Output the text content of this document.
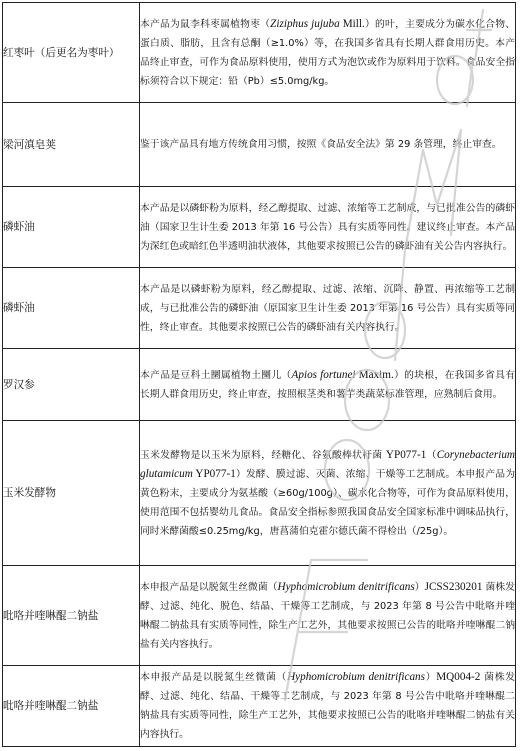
红枣叶（后更名为枣叶）	本产品为鼠李科枣属植物枣（Ziziphus jujuba Mill.）的叶，主要成分为碳水化合物、蛋白质、脂肪，且含有总酮（≥1.0%）等，在我国多省具有长期人群食用历史。本产品终止审查，可作为食品原料使用，使用方式为泡饮或作为原料用于饮料。食品安全指标须符合以下规定：铅（Pb）≤5.0mg/kg。
梁河滇皂荚	鉴于该产品具有地方传统食用习惯，按照《食品安全法》第 29 条管理，终止审查。
磷虾油	本产品是以磷虾粉为原料，经乙醇提取、过滤、浓缩等工艺制成，与已批准公告的磷虾油（国家卫生计生委 2013 年第 16 号公告）具有实质等同性。建议终止审查。本产品为深红色或暗红色半透明油状液体，其他要求按照已公告的磷虾油有关公告内容执行。
磷虾油	本产品是以磷虾粉为原料，经乙醇提取、过滤、浓缩、沉降、静置、再浓缩等工艺制成，与已批准公告的磷虾油（原国家卫生计生委 2013 年第 16 号公告）具有实质等同性，终止审查。其他要求按照已公告的磷虾油有关内容执行。
罗汉参	本产品是豆科土圞属植物土圞儿（Apios fortunei Maxim.）的块根，在我国多省具有长期人群食用历史，终止审查，按照根茎类和薯芋类蔬菜标准管理，应熟制后食用。
玉米发酵物	玉米发酵物是以玉米为原料，经糖化、谷氨酸棒状杆菌 YP077-1（Corynebacterium glutamicum YP077-1）发酵、膜过滤、灭菌、浓缩、干燥等工艺制成。本申报产品为黄色粉末，主要成分为氨基酸（≥60g/100g）、碳水化合物等，可作为食品原料使用，使用范围不包括婴幼儿食品。食品安全指标参照我国食品安全国家标准中调味品执行，同时米酵菌酸≤0.25mg/kg，唐菖蒲伯克霍尔德氏菌不得检出（/25g）。
吡咯并喹啉醌二钠盐	本申报产品是以脱氮生丝微菌（Hyphomicrobium denitrificans）JCSS230201 菌株发酵、过滤、纯化、脱色、结晶、干燥等工艺制成，与 2023 年第 8 号公告中吡咯并喹啉醌二钠盐具有实质等同性，除生产工艺外，其他要求按照已公告的吡咯并喹啉醌二钠盐有关内容执行。
吡咯并喹啉醌二钠盐	本申报产品是以脱氮生丝微菌（Hyphomicrobium denitrificans）MQ004-2 菌株发酵、过滤、纯化、结晶、干燥等工艺制成，与 2023 年第 8 号公告中吡咯并喹啉醌二钠盐具有实质等同性，除生产工艺外，其他要求按照已公告的吡咯并喹啉醌二钠盐有关内容执行。
